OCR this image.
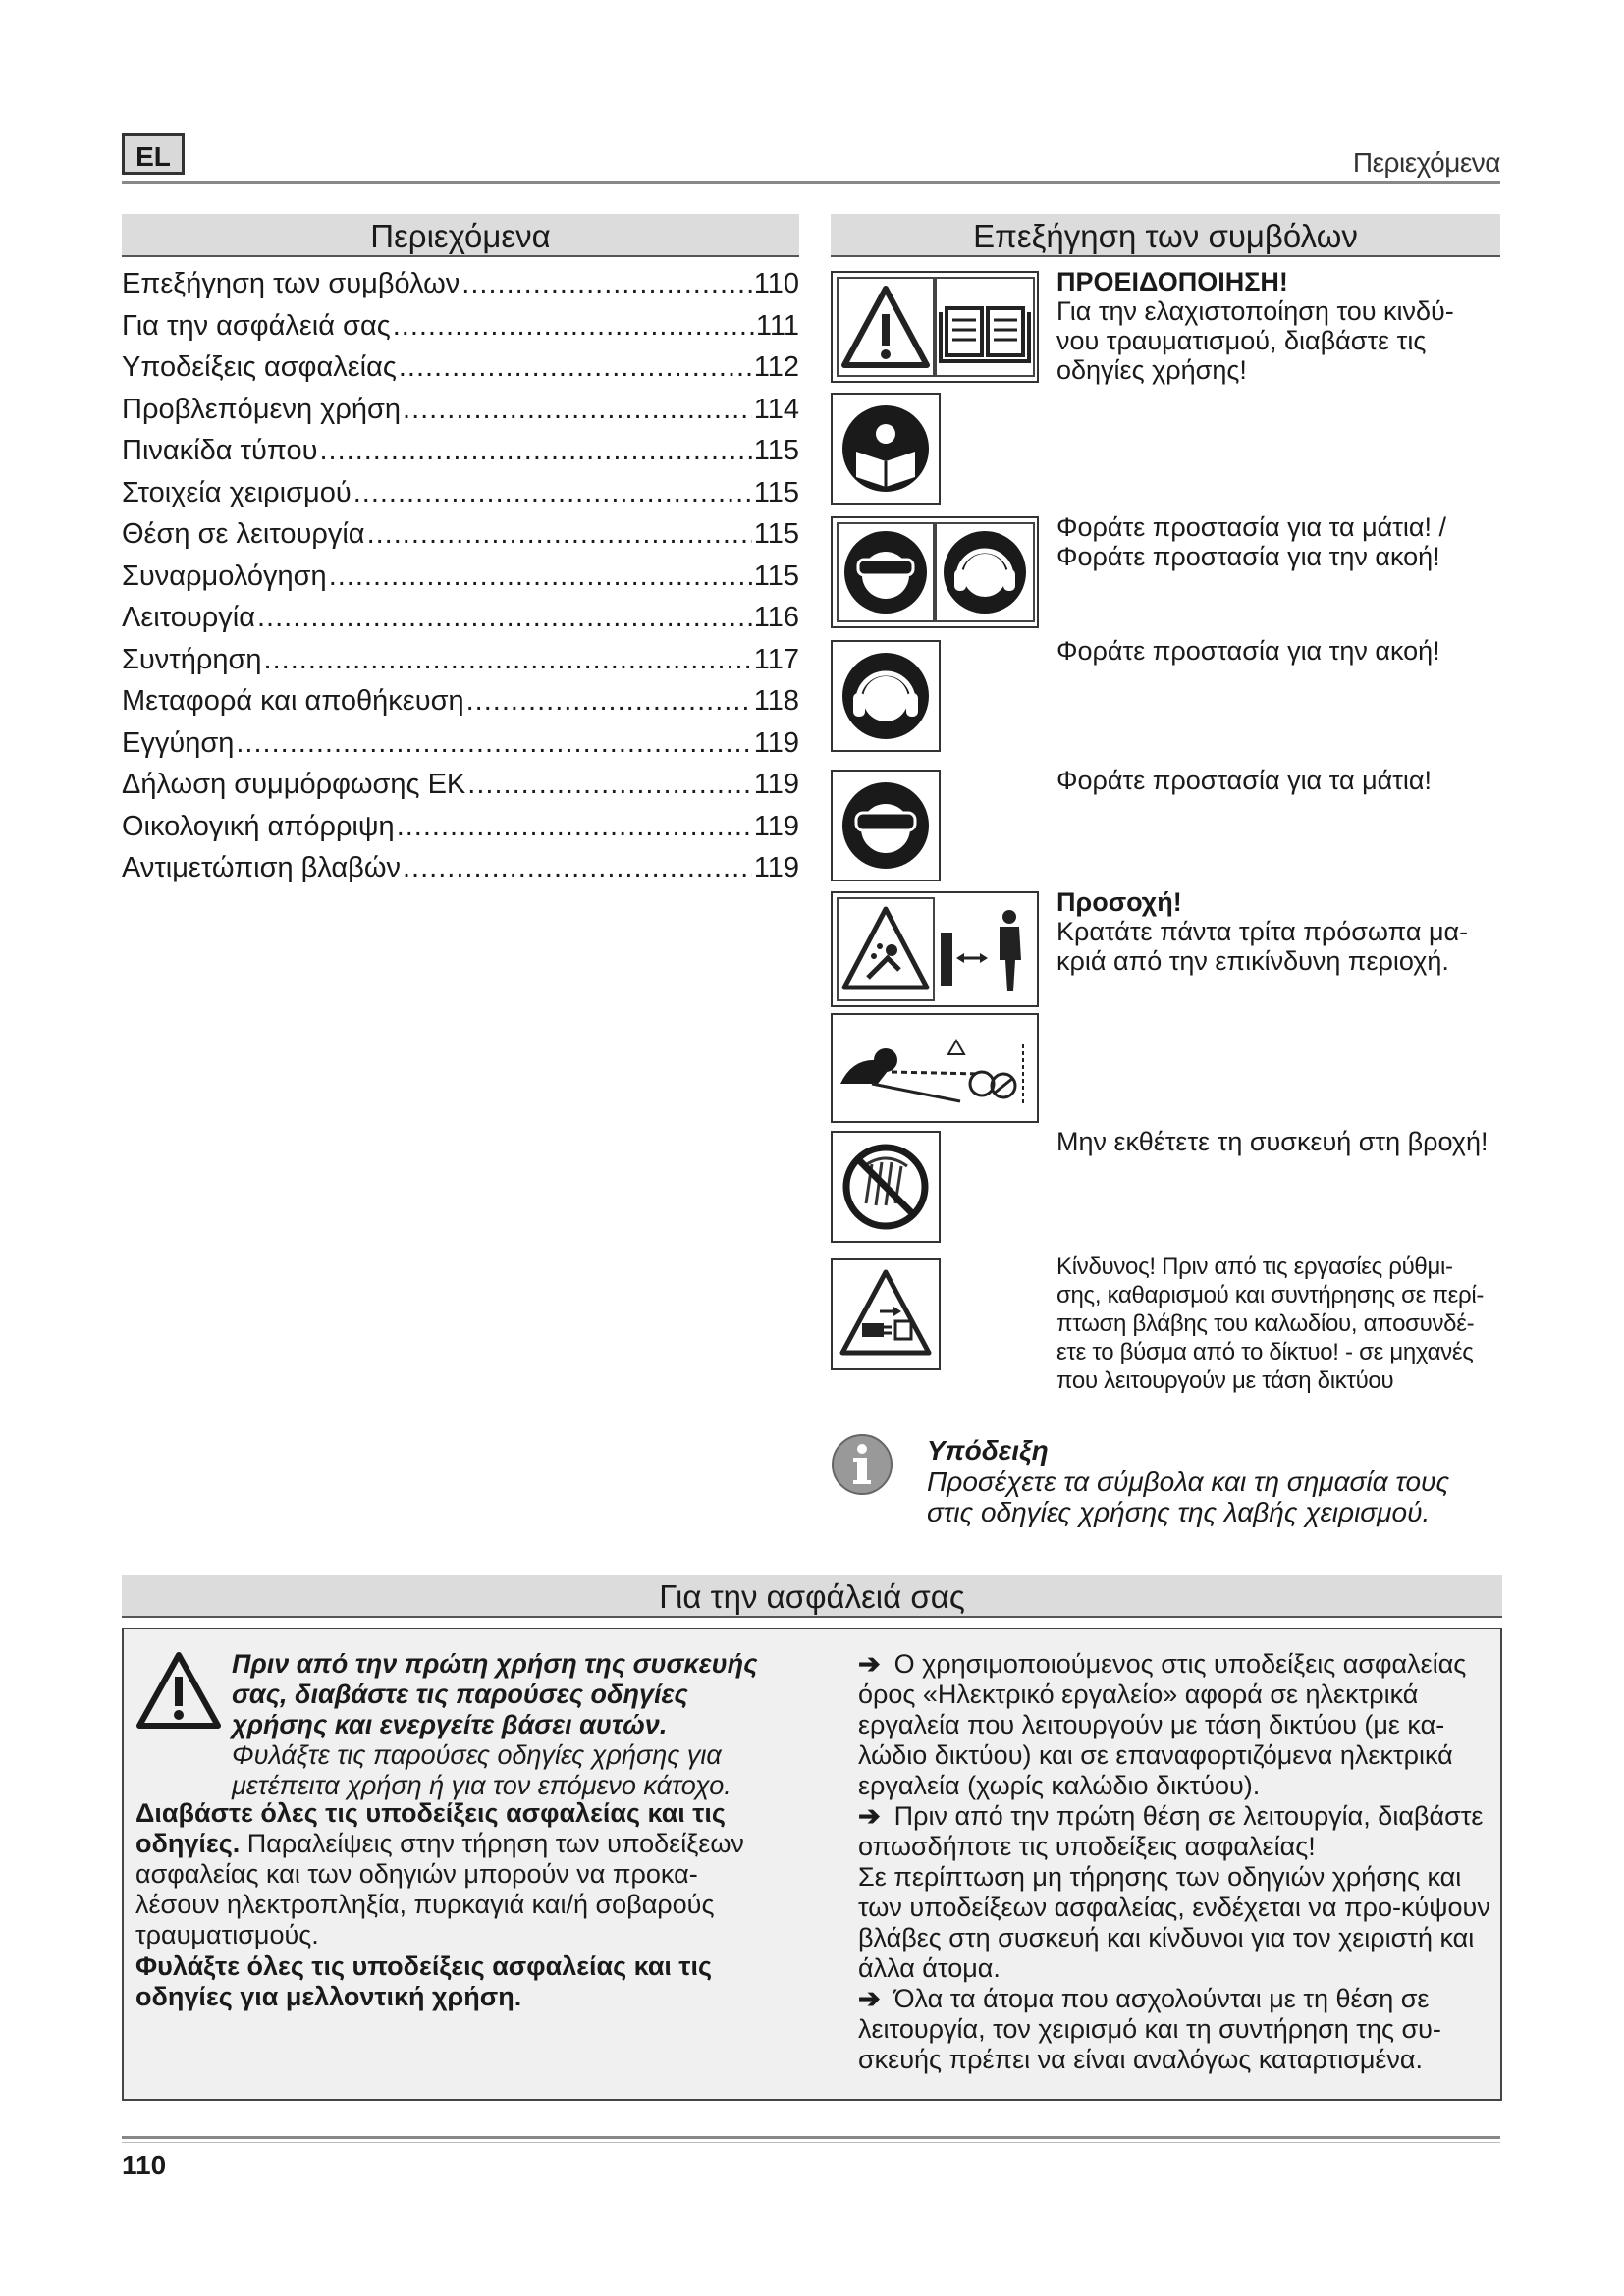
EL	Περιεχόμενα
Περιεχόμενα
Επεξήγηση των συμβόλων .....	110
Για την ασφάλειά σας .....	111
Υποδείξεις ασφαλείας .....	112
Προβλεπόμενη χρήση .....	114
Πινακίδα τύπου .....	115
Στοιχεία χειρισμού .....	115
Θέση σε λειτουργία .....	115
Συναρμολόγηση .....	115
Λειτουργία .....	116
Συντήρηση .....	117
Μεταφορά και αποθήκευση .....	118
Εγγύηση .....	119
Δήλωση συμμόρφωσης ΕΚ .....	119
Οικολογική απόρριψη .....	119
Αντιμετώπιση βλαβών .....	119
Επεξήγηση των συμβόλων
ΠΡΟΕΙΔΟΠΟΙΗΣΗ!
Για την ελαχιστοποίηση του κινδύ-νου τραυματισμού, διαβάστε τις οδηγίες χρήσης!
Φοράτε προστασία για τα μάτια! / Φοράτε προστασία για την ακοή!
Φοράτε προστασία για την ακοή!
Φοράτε προστασία για τα μάτια!
Προσοχή!
Κρατάτε πάντα τρίτα πρόσωπα μα-κριά από την επικίνδυνη περιοχή.
Μην εκθέτετε τη συσκευή στη βροχή!
Κίνδυνος! Πριν από τις εργασίες ρύθμι-σης, καθαρισμού και συντήρησης σε περί-πτωση βλάβης του καλωδίου, αποσυνδέ-ετε το βύσμα από το δίκτυο! - σε μηχανές που λειτουργούν με τάση δικτύου
Υπόδειξη
Προσέχετε τα σύμβολα και τη σημασία τους στις οδηγίες χρήσης της λαβής χειρισμού.
Για την ασφάλειά σας
Πριν από την πρώτη χρήση της συσκευής σας, διαβάστε τις παρούσες οδηγίες χρήσης και ενεργείτε βάσει αυτών. Φυλάξτε τις παρούσες οδηγίες χρήσης για μετέπειτα χρήση ή για τον επόμενο κάτοχο.
Διαβάστε όλες τις υποδείξεις ασφαλείας και τις οδηγίες. Παραλείψεις στην τήρηση των υποδείξεων ασφαλείας και των οδηγιών μπορούν να προκα-λέσουν ηλεκτροπληξία, πυρκαγιά και/ή σοβαρούς τραυματισμούς.
Φυλάξτε όλες τις υποδείξεις ασφαλείας και τις οδηγίες για μελλοντική χρήση.
➔ Ο χρησιμοποιούμενος στις υποδείξεις ασφαλείας όρος «Ηλεκτρικό εργαλείο» αφορά σε ηλεκτρικά εργαλεία που λειτουργούν με τάση δικτύου (με κα-λώδιο δικτύου) και σε επαναφορτιζόμενα ηλεκτρικά εργαλεία (χωρίς καλώδιο δικτύου).
➔ Πριν από την πρώτη θέση σε λειτουργία, διαβάστε οπωσδήποτε τις υποδείξεις ασφαλείας!
Σε περίπτωση μη τήρησης των οδηγιών χρήσης και των υποδείξεων ασφαλείας, ενδέχεται να προ-κύψουν βλάβες στη συσκευή και κίνδυνοι για τον χειριστή και άλλα άτομα.
➔ Όλα τα άτομα που ασχολούνται με τη θέση σε λειτουργία, τον χειρισμό και τη συντήρηση της συ-σκευής πρέπει να είναι αναλόγως καταρτισμένα.
110
